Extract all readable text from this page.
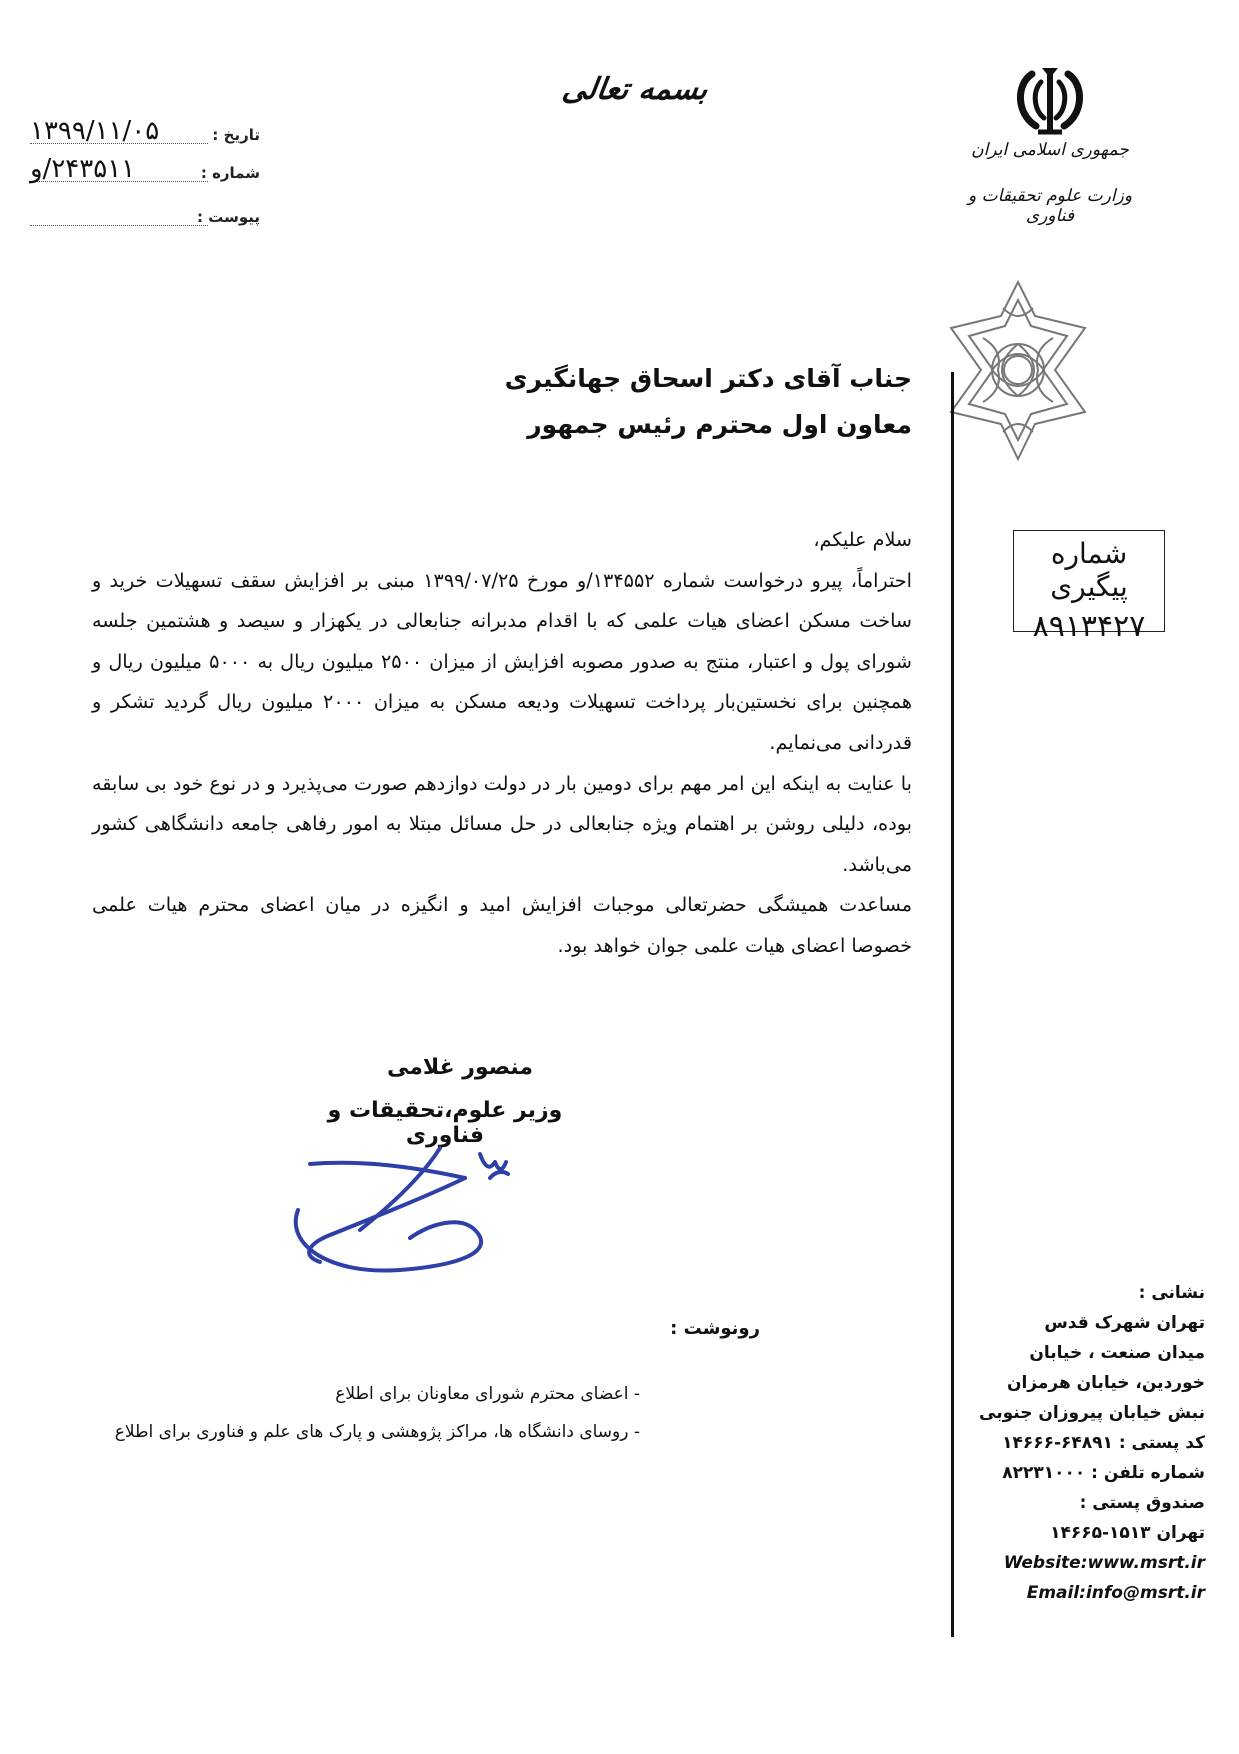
بسمه تعالی
تاریخ :
۱۳۹۹/۱۱/۰۵
شماره :
۲۴۳۵۱۱/و
پیوست :
جمهوری اسلامی ایران
وزارت علوم تحقیقات و فناوری
شماره پیگیری
۸۹۱۳۴۲۷
جناب آقای دکتر اسحاق جهانگیری
معاون اول محترم رئیس جمهور

سلام علیکم،

احتراماً، پیرو درخواست شماره ۱۳۴۵۵۲/و مورخ ۱۳۹۹/۰۷/۲۵ مبنی بر افزایش سقف تسهیلات خرید و ساخت مسکن اعضای هیات علمی که با اقدام مدبرانه جنابعالی در یکهزار و سیصد و هشتمین جلسه شورای پول و اعتبار، منتج به صدور مصوبه افزایش از میزان ۲۵۰۰ میلیون ریال به ۵۰۰۰ میلیون ریال و همچنین برای نخستین‌بار پرداخت تسهیلات ودیعه مسکن به میزان ۲۰۰۰ میلیون ریال گردید تشکر و قدردانی می‌نمایم.

با عنایت به اینکه این امر مهم برای دومین بار در دولت دوازدهم صورت می‌پذیرد و در نوع خود بی سابقه بوده، دلیلی روشن بر اهتمام ویژه جنابعالی در حل مسائل مبتلا به امور رفاهی جامعه دانشگاهی کشور می‌باشد.

مساعدت همیشگی حضرتعالی موجبات افزایش امید و انگیزه در میان اعضای محترم هیات علمی خصوصا اعضای هیات علمی جوان خواهد بود.

منصور غلامی
وزیر علوم،تحقیقات و فناوری
رونوشت :
- اعضای محترم شورای معاونان برای اطلاع
- روسای دانشگاه ها، مراکز پژوهشی و پارک های علم و فناوری برای اطلاع
نشانی :
تهران شهرک قدس
میدان صنعت ، خیابان
خوردین، خیابان هرمزان
نبش خیابان پیروزان جنوبی
کد پستی : ۶۴۸۹۱-۱۴۶۶۶
شماره تلفن : ۸۲۲۳۱۰۰۰
صندوق پستی :
تهران ۱۵۱۳-۱۴۶۶۵
Website:www.msrt.ir
Email:info@msrt.ir
